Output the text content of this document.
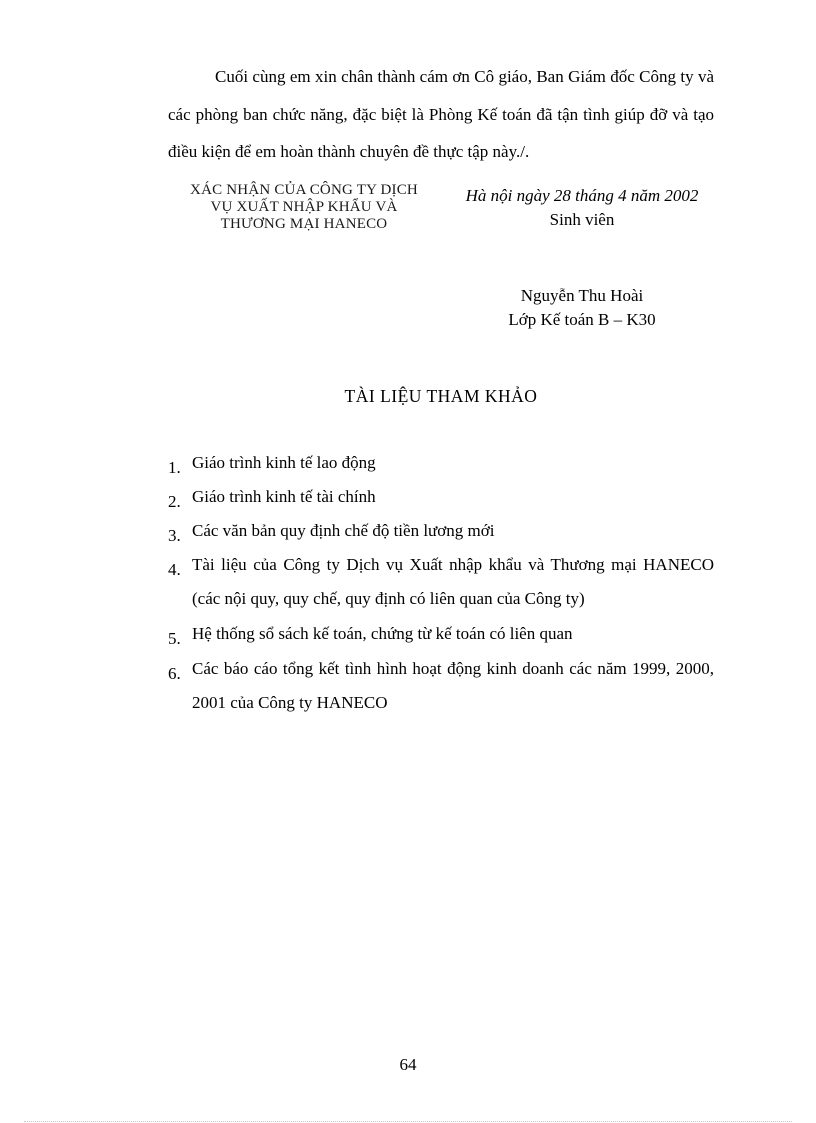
Cuối cùng em xin chân thành cám ơn Cô giáo, Ban Giám đốc Công ty và các phòng ban chức năng, đặc biệt là Phòng Kế toán đã tận tình giúp đỡ và tạo điều kiện để em hoàn thành chuyên đề thực tập này./.

XÁC NHẬN CỦA CÔNG TY DỊCH
VỤ XUẤT NHẬP KHẨU VÀ
THƯƠNG MẠI HANECO
Hà nội ngày 28 tháng 4 năm 2002
Sinh viên
Nguyễn Thu Hoài
Lớp Kế toán B – K30
TÀI LIỆU THAM KHẢO
1. Giáo trình kinh tế lao động
2. Giáo trình kinh tế tài chính
3. Các văn bản quy định chế độ tiền lương mới
4. Tài liệu của Công ty Dịch vụ Xuất nhập khẩu và Thương mại HANECO (các nội quy, quy chế, quy định có liên quan của Công ty)
5. Hệ thống sổ sách kế toán, chứng từ kế toán có liên quan
6. Các báo cáo tổng kết tình hình hoạt động kinh doanh các năm 1999, 2000, 2001 của Công ty HANECO
64
